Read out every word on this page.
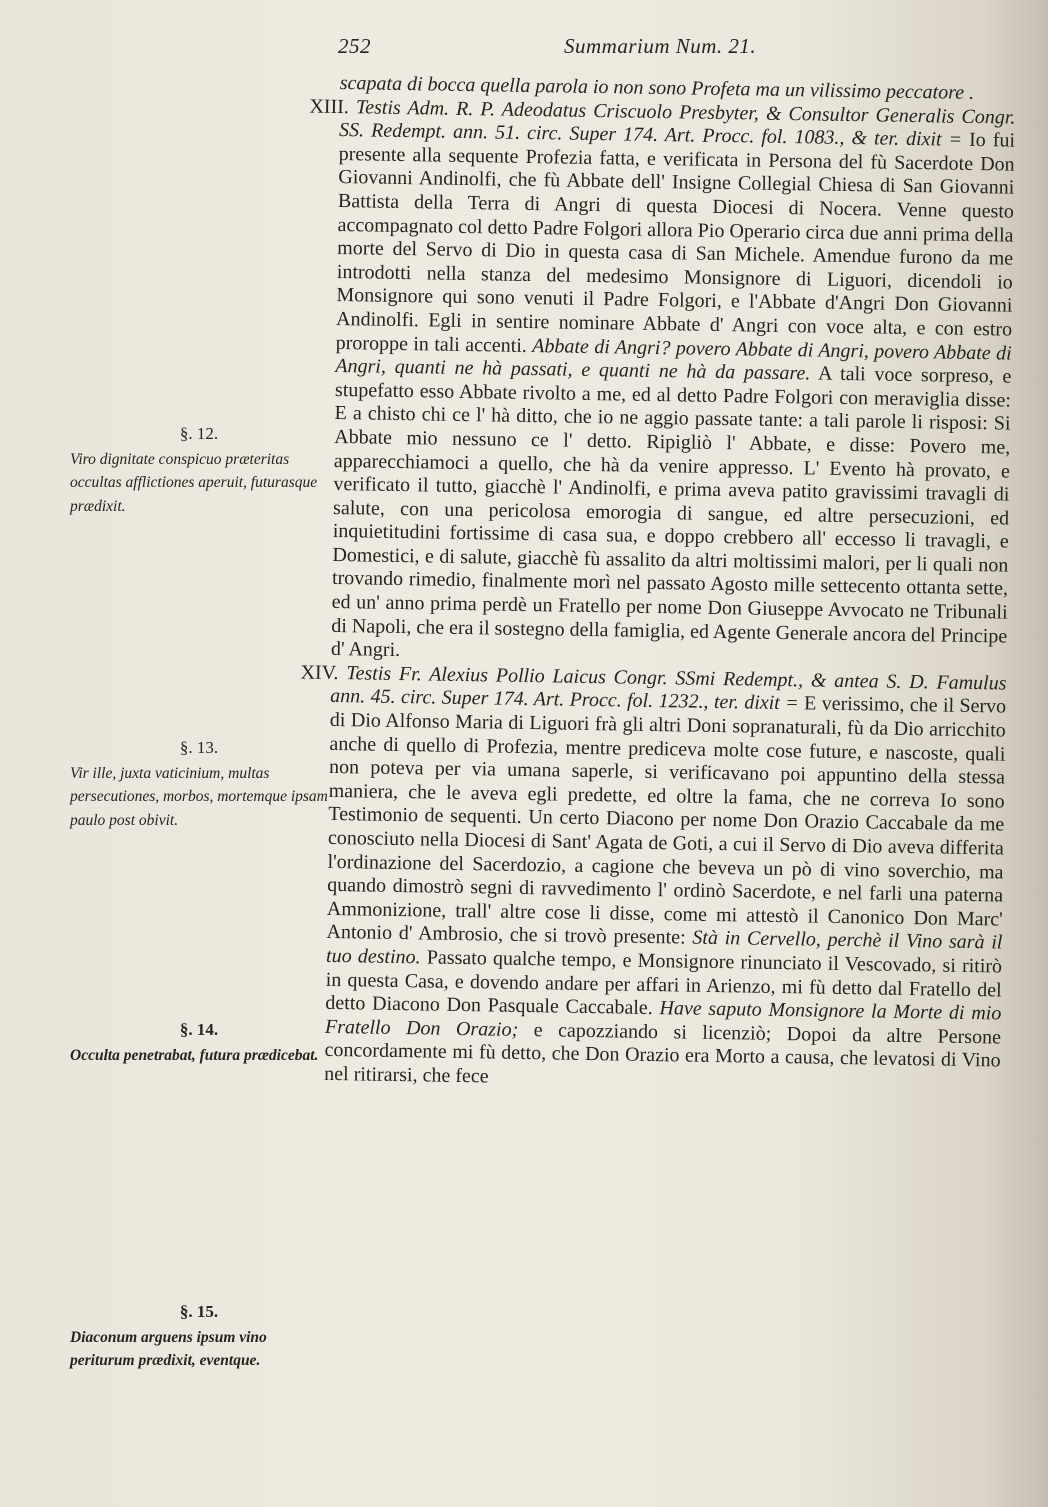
252	Summarium Num. 21.

scapata di bocca quella parola io non sono Profeta ma un vilissimo peccatore .

XIII. Testis Adm. R. P. Adeodatus Criscuolo Presbyter, & Consultor Generalis Congr. SS. Redempt. ann. 51. circ. Super 174. Art. Procc. fol. 1083., & ter. dixit = Io fui presente alla sequente Profezia fatta, e verificata in Persona del fù Sacerdote Don Giovanni Andinolfi, che fù Abbate dell' Insigne Collegial Chiesa di San Giovanni Battista della Terra di Angri di questa Diocesi di Nocera. Venne questo accompagnato col detto Padre Folgori allora Pio Operario circa due anni prima della morte del Servo di Dio in questa casa di San Michele. Amendue furono da me introdotti nella stanza del medesimo Monsignore di Liguori, dicendoli io Monsignore qui sono venuti il Padre Folgori, e l'Abbate d'Angri Don Giovanni Andinolfi. Egli in sentire nominare Abbate d' Angri con voce alta, e con estro proroppe in tali accenti. Abbate di Angri? povero Abbate di Angri, povero Abbate di Angri, quanti ne hà passati, e quanti ne hà da passare. A tali voce sorpreso, e stupefatto esso Abbate rivolto a me, ed al detto Padre Folgori con meraviglia disse: E a chisto chi ce l' hà ditto, che io ne aggio passate tante: a tali parole li risposi: Si Abbate mio nessuno ce l' detto. Ripigliò l' Abbate, e disse: Povero me, apparecchiamoci a quello, che hà da venire appresso. L' Evento hà provato, e verificato il tutto, giacchè l' Andinolfi, e prima aveva patito gravissimi travagli di salute, con una pericolosa emorogia di sangue, ed altre persecuzioni, ed inquietitudini fortissime di casa sua, e doppo crebbero all' eccesso li travagli, e Domestici, e di salute, giacchè fù assalito da altri moltissimi malori, per li quali non trovando rimedio, finalmente morì nel passato Agosto mille settecento ottanta sette, ed un' anno prima perdè un Fratello per nome Don Giuseppe Avvocato ne Tribunali di Napoli, che era il sostegno della famiglia, ed Agente Generale ancora del Principe d' Angri.

XIV. Testis Fr. Alexius Pollio Laicus Congr. SSmi Redempt., & antea S. D. Famulus ann. 45. circ. Super 174. Art. Procc. fol. 1232., ter. dixit = E verissimo, che il Servo di Dio Alfonso Maria di Liguori frà gli altri Doni sopranaturali, fù da Dio arricchito anche di quello di Profezia, mentre prediceva molte cose future, e nascoste, quali non poteva per via umana saperle, si verificavano poi appuntino della stessa maniera, che le aveva egli predette, ed oltre la fama, che ne correva Io sono Testimonio de sequenti. Un certo Diacono per nome Don Orazio Caccabale da me conosciuto nella Diocesi di Sant' Agata de Goti, a cui il Servo di Dio aveva differita l'ordinazione del Sacerdozio, a cagione che beveva un pò di vino soverchio, ma quando dimostrò segni di ravvedimento l' ordinò Sacerdote, e nel farli una paterna Ammonizione, trall' altre cose li disse, come mi attestò il Canonico Don Marc' Antonio d' Ambrosio, che si trovò presente: Stà in Cervello, perchè il Vino sarà il tuo destino. Passato qualche tempo, e Monsignore rinunciato il Vescovado, si ritirò in questa Casa, e dovendo andare per affari in Arienzo, mi fù detto dal Fratello del detto Diacono Don Pasquale Caccabale. Have saputo Monsignore la Morte di mio Fratello Don Orazio; e capozziando si licenziò; Dopoi da altre Persone concordamente mi fù detto, che Don Orazio era Morto a causa, che levatosi di Vino nel ritirarsi, che fece

§. 12.
Viro dignitate conspicuo præteritas occultas afflictiones aperuit, futurasque prædixit.
§. 13.
Vir ille, juxta vaticinium, multas persecutiones, morbos, mortemque ipsam paulo post obivit.
§. 14.
Occulta penetrabat, futura prædicebat.
§. 15.
Diaconum arguens ipsum vino periturum prædixit, eventque.
